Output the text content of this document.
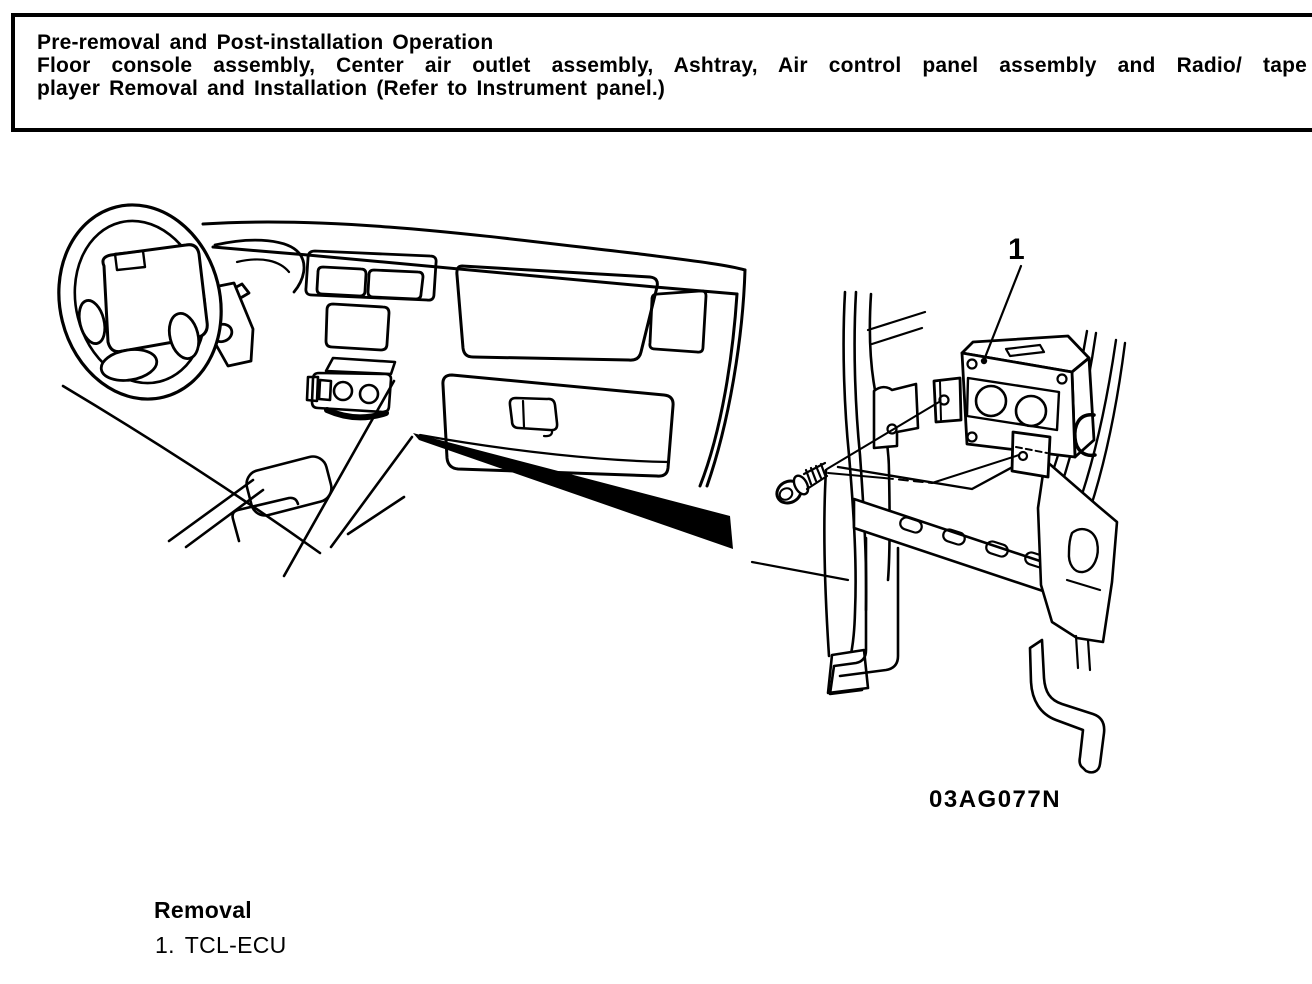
Pre-removal and Post-installation Operation
Floor console assembly, Center air outlet assembly, Ashtray, Air control panel assembly and Radio/ tape
player Removal and Installation (Refer to Instrument panel.)
1
03AG077N
Removal
1. TCL-ECU
